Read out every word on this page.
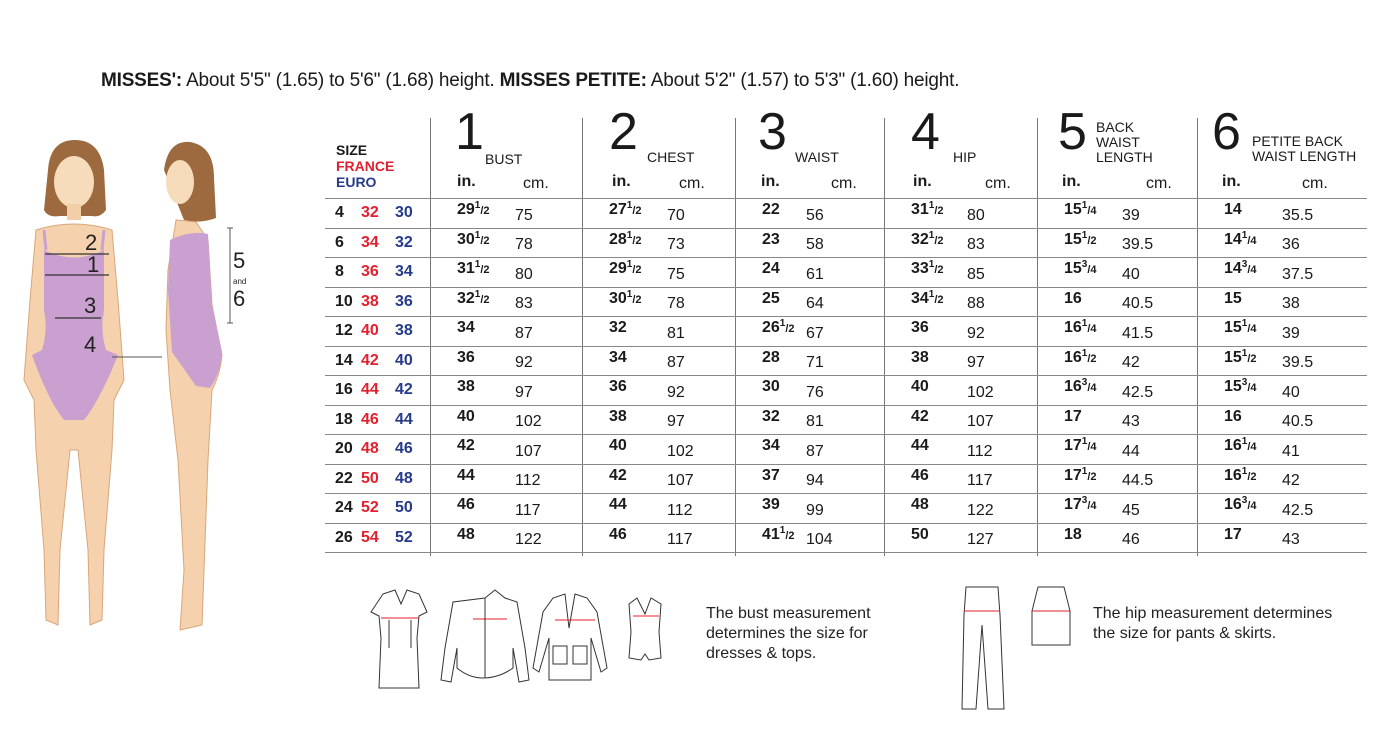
MISSES': About 5'5" (1.65) to 5'6" (1.68) height. MISSES PETITE: About 5'2" (1.57) to 5'3" (1.60) height.
2
1
3
4
5
and
6
SIZE
FRANCE
EURO
1 BUST
in.	cm.
2 CHEST
in.	cm.
3 WAIST
in.	cm.
4 HIP
in.	cm.
5 BACK
WAIST
LENGTH
in.	cm.
6 PETITE BACK
WAIST LENGTH
in.	cm.
4	32	30	$29^1/2$	75	$27^1/2$	70	22	56	$31^1/2$	80	$15^1/4$	39	14	35.5
6	34	32	$30^1/2$	78	$28^1/2$	73	23	58	$32^1/2$	83	$15^1/2$	39.5	$14^1/4$	36
8	36	34	$31^1/2$	80	$29^1/2$	75	24	61	$33^1/2$	85	$15^3/4$	40	$14^3/4$	37.5
10	38	36	$32^1/2$	83	$30^1/2$	78	25	64	$34^1/2$	88	16	40.5	15	38
12	40	38	34	87	32	81	$26^1/2$	67	36	92	$16^1/4$	41.5	$15^1/4$	39
14	42	40	36	92	34	87	28	71	38	97	$16^1/2$	42	$15^1/2$	39.5
16	44	42	38	97	36	92	30	76	40	102	$16^3/4$	42.5	$15^3/4$	40
18	46	44	40	102	38	97	32	81	42	107	17	43	16	40.5
20	48	46	42	107	40	102	34	87	44	112	$17^1/4$	44	$16^1/4$	41
22	50	48	44	112	42	107	37	94	46	117	$17^1/2$	44.5	$16^1/2$	42
24	52	50	46	117	44	112	39	99	48	122	$17^3/4$	45	$16^3/4$	42.5
26	54	52	48	122	46	117	$41^1/2$	104	50	127	18	46	17	43
The bust measurement
determines the size for
dresses & tops.
The hip measurement determines
the size for pants & skirts.
